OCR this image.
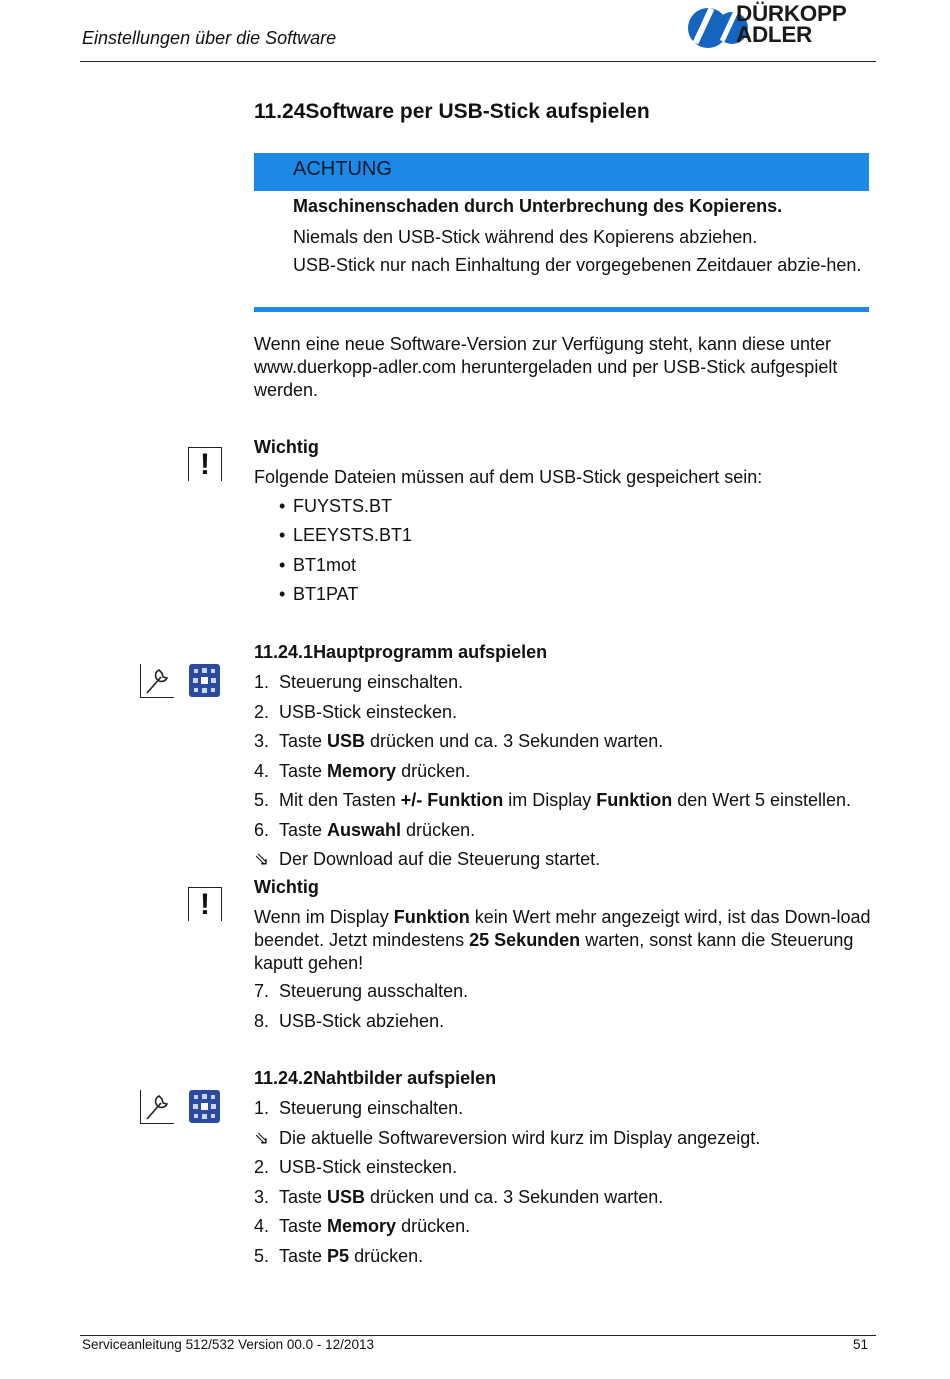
Einstellungen über die Software
DÜRKOPP
ADLER
11.24Software per USB-Stick aufspielen
ACHTUNG
Maschinenschaden durch Unterbrechung des Kopierens.
Niemals den USB-Stick während des Kopierens abziehen.
USB-Stick nur nach Einhaltung der vorgegebenen Zeitdauer abzie-hen.
Wenn eine neue Software-Version zur Verfügung steht, kann diese unter www.duerkopp-adler.com heruntergeladen und per USB-Stick aufgespielt werden.
!
Wichtig
Folgende Dateien müssen auf dem USB-Stick gespeichert sein:
• FUYSTS.BT
• LEEYSTS.BT1
• BT1mot
• BT1PAT
11.24.1Hauptprogramm aufspielen
1. Steuerung einschalten.
2. USB-Stick einstecken.
3. Taste USB drücken und ca. 3 Sekunden warten.
4. Taste Memory drücken.
5. Mit den Tasten +/- Funktion im Display Funktion den Wert 5 einstellen.
6. Taste Auswahl drücken.
⇘ Der Download auf die Steuerung startet.
!
Wichtig
Wenn im Display Funktion kein Wert mehr angezeigt wird, ist das Down-load beendet. Jetzt mindestens 25 Sekunden warten, sonst kann die Steuerung kaputt gehen!
7. Steuerung ausschalten.
8. USB-Stick abziehen.
11.24.2Nahtbilder aufspielen
1. Steuerung einschalten.
⇘ Die aktuelle Softwareversion wird kurz im Display angezeigt.
2. USB-Stick einstecken.
3. Taste USB drücken und ca. 3 Sekunden warten.
4. Taste Memory drücken.
5. Taste P5 drücken.
Serviceanleitung 512/532 Version 00.0 - 12/2013	51
